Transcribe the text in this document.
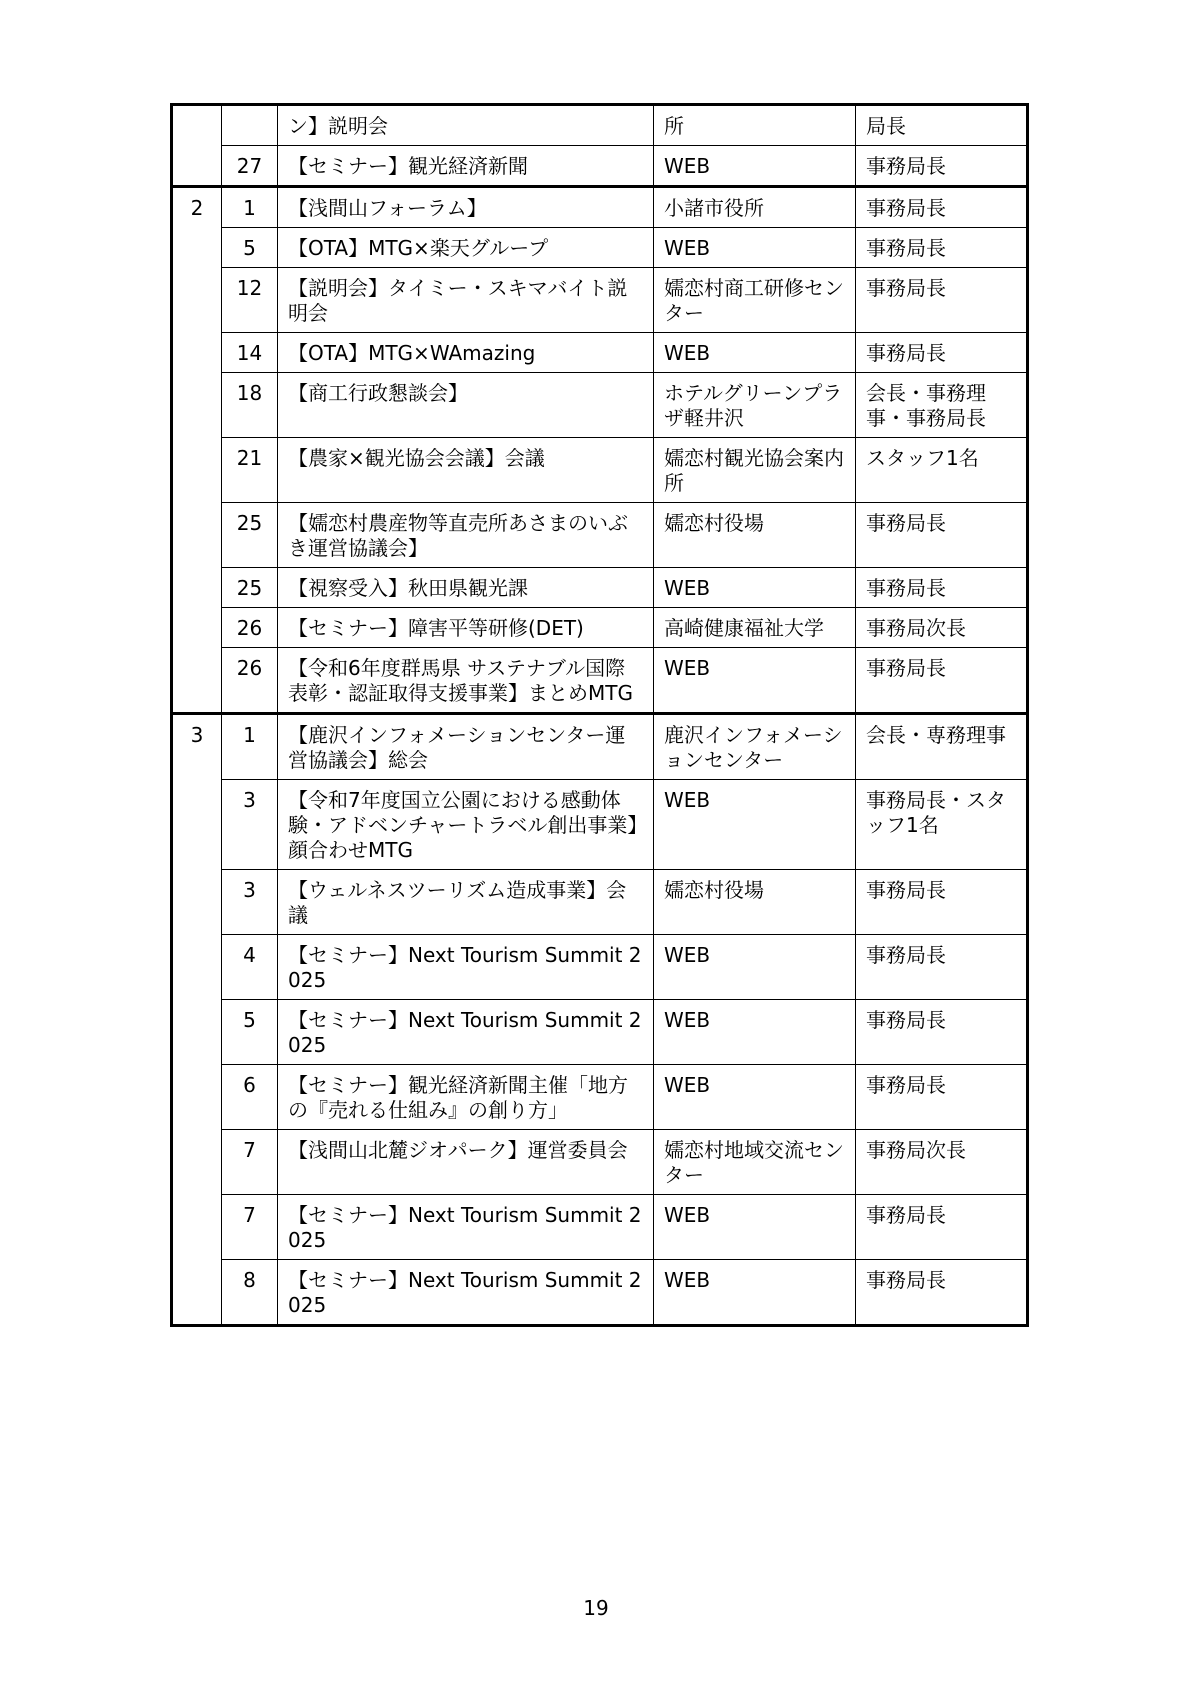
		ン】説明会	所	局長
	27	【セミナー】観光経済新聞	WEB	事務局長
2	1	【浅間山フォーラム】	小諸市役所	事務局長
	5	【OTA】MTG×楽天グループ	WEB	事務局長
	12	【説明会】タイミー・スキマバイト説明会	嬬恋村商工研修センター	事務局長
	14	【OTA】MTG×WAmazing	WEB	事務局長
	18	【商工行政懇談会】	ホテルグリーンプラザ軽井沢	会長・事務理事・事務局長
	21	【農家×観光協会会議】会議	嬬恋村観光協会案内所	スタッフ1名
	25	【嬬恋村農産物等直売所あさまのいぶき運営協議会】	嬬恋村役場	事務局長
	25	【視察受入】秋田県観光課	WEB	事務局長
	26	【セミナー】障害平等研修(DET)	高崎健康福祉大学	事務局次長
	26	【令和6年度群馬県 サステナブル国際表彰・認証取得支援事業】まとめMTG	WEB	事務局長
3	1	【鹿沢インフォメーションセンター運営協議会】総会	鹿沢インフォメーションセンター	会長・専務理事
	3	【令和7年度国立公園における感動体験・アドベンチャートラベル創出事業】顔合わせMTG	WEB	事務局長・スタッフ1名
	3	【ウェルネスツーリズム造成事業】会議	嬬恋村役場	事務局長
	4	【セミナー】Next Tourism Summit 2025	WEB	事務局長
	5	【セミナー】Next Tourism Summit 2025	WEB	事務局長
	6	【セミナー】観光経済新聞主催「地方の『売れる仕組み』の創り方」	WEB	事務局長
	7	【浅間山北麓ジオパーク】運営委員会	嬬恋村地域交流センター	事務局次長
	7	【セミナー】Next Tourism Summit 2025	WEB	事務局長
	8	【セミナー】Next Tourism Summit 2025	WEB	事務局長
19
